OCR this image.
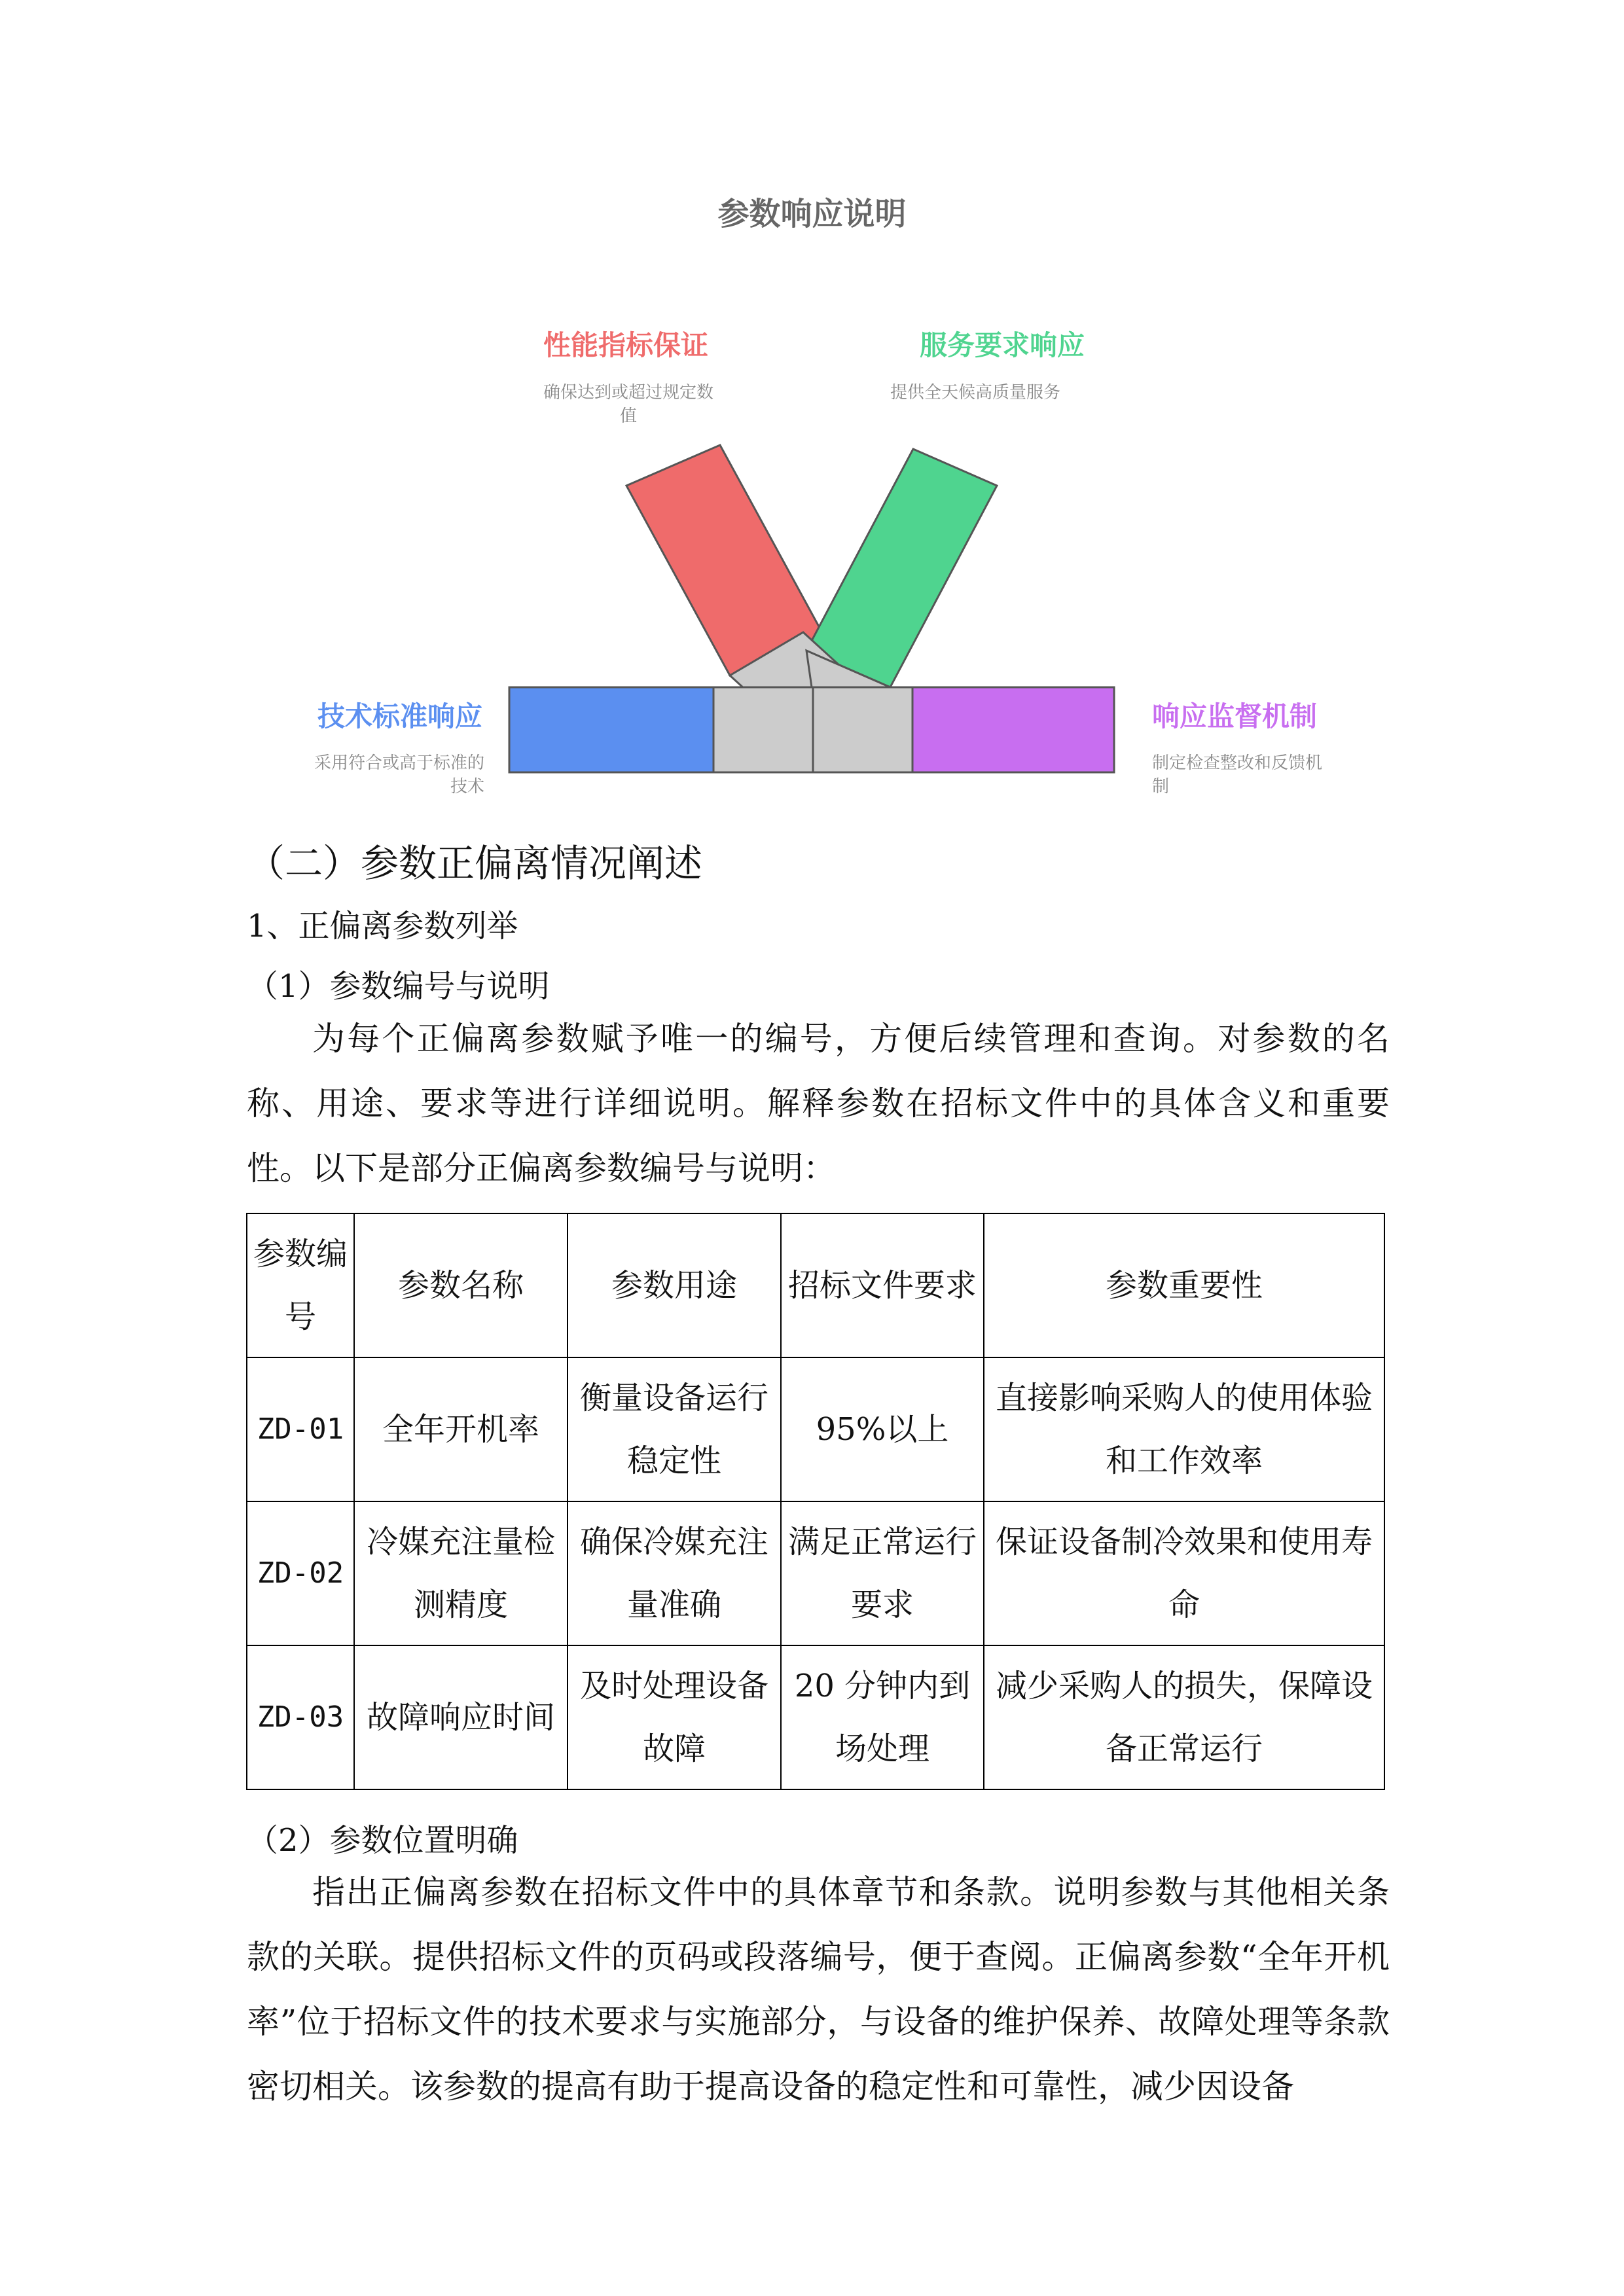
参数响应说明
性能指标保证
确保达到或超过规定数
值
服务要求响应
提供全天候高质量服务
技术标准响应
采用符合或高于标准的
技术
响应监督机制
制定检查整改和反馈机
制
（二）参数正偏离情况阐述
1、正偏离参数列举
（1）参数编号与说明
为每个正偏离参数赋予唯一的编号，方便后续管理和查询。对参数的名称、用途、要求等进行详细说明。解释参数在招标文件中的具体含义和重要性。以下是部分正偏离参数编号与说明：
参数编号	参数名称	参数用途	招标文件要求	参数重要性
ZD-01	全年开机率	衡量设备运行稳定性	95%以上	直接影响采购人的使用体验和工作效率
ZD-02	冷媒充注量检测精度	确保冷媒充注量准确	满足正常运行要求	保证设备制冷效果和使用寿命
ZD-03	故障响应时间	及时处理设备故障	20 分钟内到场处理	减少采购人的损失，保障设备正常运行
（2）参数位置明确
指出正偏离参数在招标文件中的具体章节和条款。说明参数与其他相关条款的关联。提供招标文件的页码或段落编号，便于查阅。正偏离参数“全年开机率”位于招标文件的技术要求与实施部分，与设备的维护保养、故障处理等条款密切相关。该参数的提高有助于提高设备的稳定性和可靠性，减少因设备
